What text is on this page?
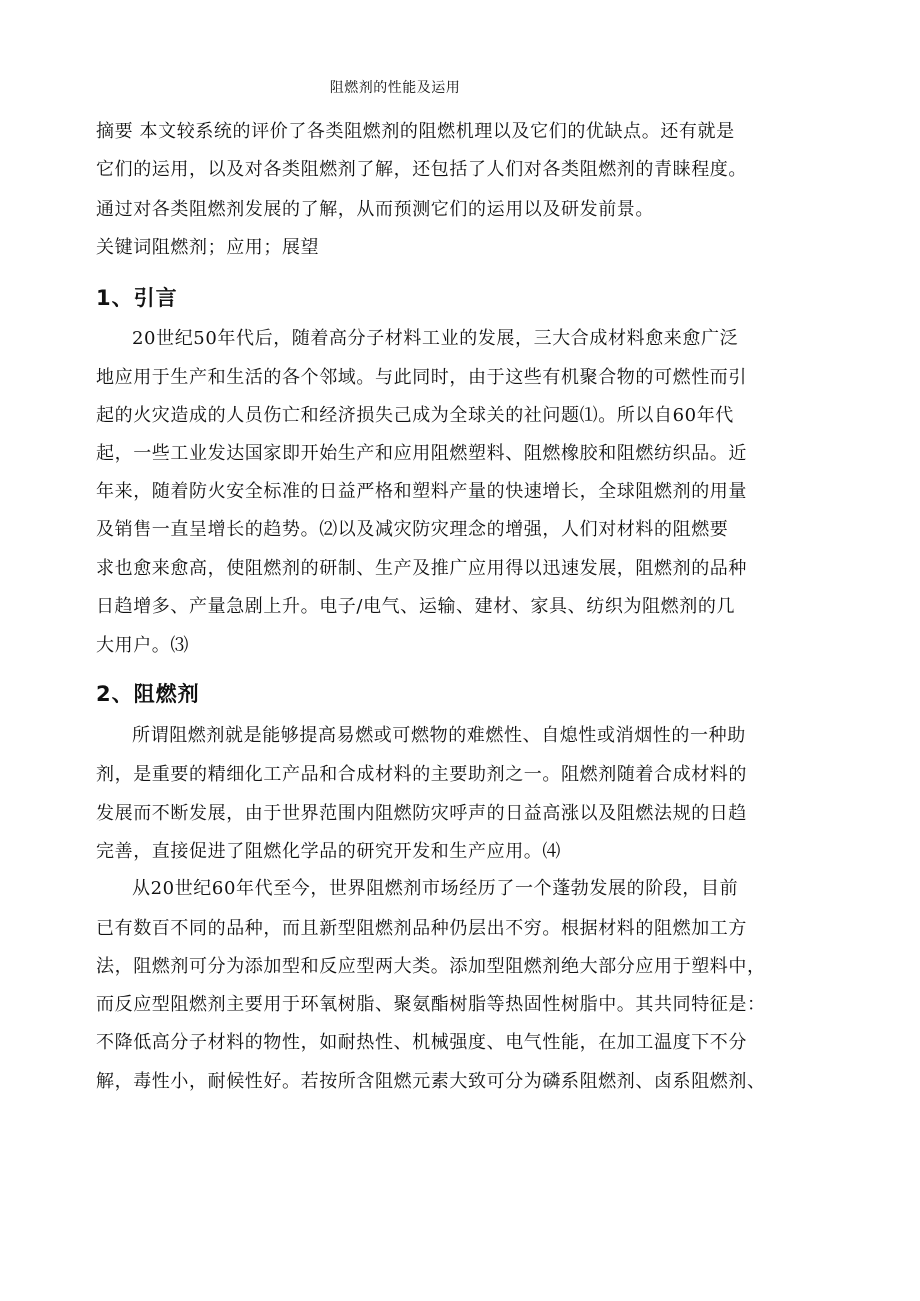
阻燃剂的性能及运用
摘要 本文较系统的评价了各类阻燃剂的阻燃机理以及它们的优缺点。还有就是
它们的运用，以及对各类阻燃剂了解，还包括了人们对各类阻燃剂的青睐程度。
通过对各类阻燃剂发展的了解，从而预测它们的运用以及研发前景。
关键词阻燃剂；应用；展望
1、引言
20世纪50年代后，随着高分子材料工业的发展，三大合成材料愈来愈广泛
地应用于生产和生活的各个邻域。与此同时，由于这些有机聚合物的可燃性而引
起的火灾造成的人员伤亡和经济损失己成为全球关的社问题⑴。所以自60年代
起，一些工业发达国家即开始生产和应用阻燃塑料、阻燃橡胶和阻燃纺织品。近
年来，随着防火安全标准的日益严格和塑料产量的快速增长，全球阻燃剂的用量
及销售一直呈增长的趋势。⑵以及减灾防灾理念的增强，人们对材料的阻燃要
求也愈来愈高，使阻燃剂的研制、生产及推广应用得以迅速发展，阻燃剂的品种
日趋增多、产量急剧上升。电子/电气、运输、建材、家具、纺织为阻燃剂的几
大用户。⑶
2、阻燃剂
所谓阻燃剂就是能够提高易燃或可燃物的难燃性、自熄性或消烟性的一种助
剂，是重要的精细化工产品和合成材料的主要助剂之一。阻燃剂随着合成材料的
发展而不断发展，由于世界范围内阻燃防灾呼声的日益高涨以及阻燃法规的日趋
完善，直接促进了阻燃化学品的研究开发和生产应用。⑷
从20世纪60年代至今，世界阻燃剂市场经历了一个蓬勃发展的阶段，目前
已有数百不同的品种，而且新型阻燃剂品种仍层出不穷。根据材料的阻燃加工方
法，阻燃剂可分为添加型和反应型两大类。添加型阻燃剂绝大部分应用于塑料中，
而反应型阻燃剂主要用于环氧树脂、聚氨酯树脂等热固性树脂中。其共同特征是：
不降低高分子材料的物性，如耐热性、机械强度、电气性能，在加工温度下不分
解，毒性小，耐候性好。若按所含阻燃元素大致可分为磷系阻燃剂、卤系阻燃剂、
